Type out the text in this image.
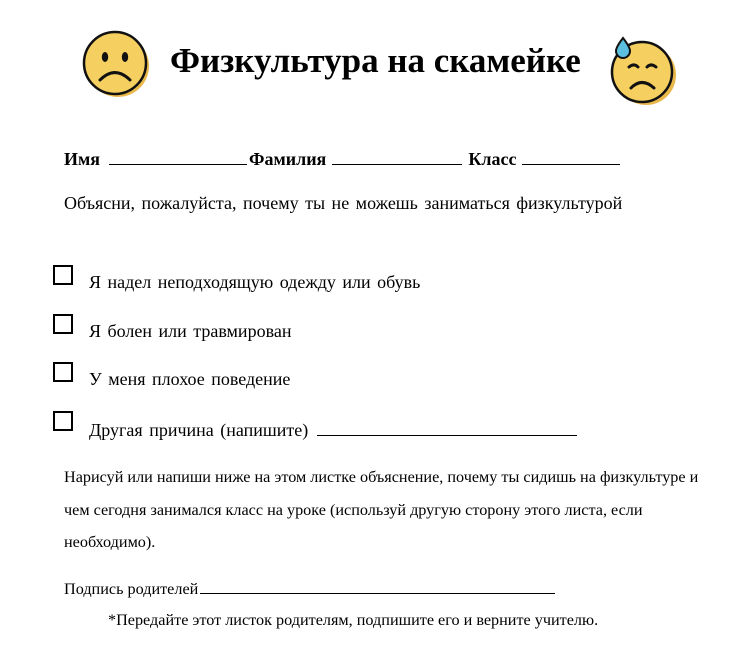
Физкультура на скамейке
Имя	Фамилия	Класс
Объясни, пожалуйста, почему ты не можешь заниматься физкультурой
Я надел неподходящую одежду или обувь
Я болен или травмирован
У меня плохое поведение
Другая причина (напишите)
Нарисуй или напиши ниже на этом листке объяснение, почему ты сидишь на физкультуре и чем сегодня занимался класс на уроке (используй другую сторону этого листа, если необходимо).
Подпись родителей
*Передайте этот листок родителям, подпишите его и верните учителю.
